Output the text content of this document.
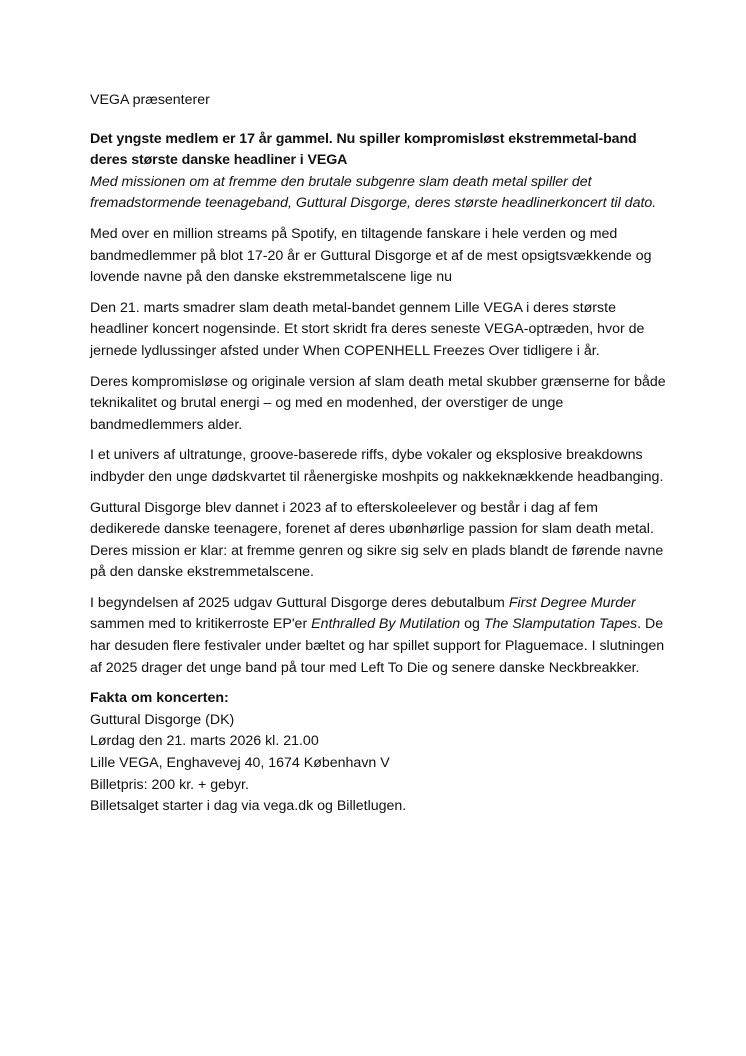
VEGA præsenterer

Det yngste medlem er 17 år gammel. Nu spiller kompromisløst ekstremmetal-band deres største danske headliner i VEGA

Med missionen om at fremme den brutale subgenre slam death metal spiller det fremadstormende teenageband, Guttural Disgorge, deres største headlinerkoncert til dato.

Med over en million streams på Spotify, en tiltagende fanskare i hele verden og med bandmedlemmer på blot 17-20 år er Guttural Disgorge et af de mest opsigtsvækkende og lovende navne på den danske ekstremmetalscene lige nu

Den 21. marts smadrer slam death metal-bandet gennem Lille VEGA i deres største headliner koncert nogensinde. Et stort skridt fra deres seneste VEGA-optræden, hvor de jernede lydlussinger afsted under When COPENHELL Freezes Over tidligere i år.

Deres kompromisløse og originale version af slam death metal skubber grænserne for både teknikalitet og brutal energi – og med en modenhed, der overstiger de unge bandmedlemmers alder.

I et univers af ultratunge, groove-baserede riffs, dybe vokaler og eksplosive breakdowns indbyder den unge dødskvartet til råenergiske moshpits og nakkeknækkende headbanging.

Guttural Disgorge blev dannet i 2023 af to efterskoleelever og består i dag af fem dedikerede danske teenagere, forenet af deres ubønhørlige passion for slam death metal. Deres mission er klar: at fremme genren og sikre sig selv en plads blandt de førende navne på den danske ekstremmetalscene.

I begyndelsen af 2025 udgav Guttural Disgorge deres debutalbum First Degree Murder sammen med to kritikerroste EP'er Enthralled By Mutilation og The Slamputation Tapes. De har desuden flere festivaler under bæltet og har spillet support for Plaguemace. I slutningen af 2025 drager det unge band på tour med Left To Die og senere danske Neckbreakker.

Fakta om koncerten:

Guttural Disgorge (DK)

Lørdag den 21. marts 2026 kl. 21.00

Lille VEGA, Enghavevej 40, 1674 København V

Billetpris: 200 kr. + gebyr.

Billetsalget starter i dag via vega.dk og Billetlugen.
